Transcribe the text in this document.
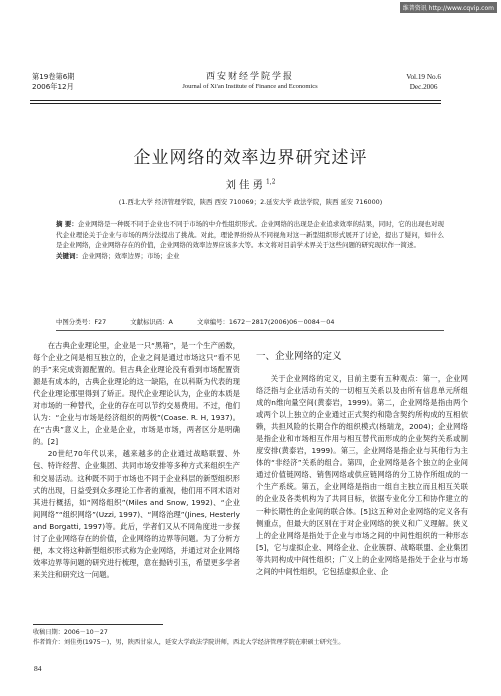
维普资讯 http://www.cqvip.com
第19卷第6期
2006年12月
西安财经学院学报
Journal of Xi'an Institute of Finance and Economics
Vol.19 No.6
Dec.2006
企业网络的效率边界研究述评
刘佳勇$^{1,2}$
(1.西北大学 经济管理学院，陕西 西安 710069；2.延安大学 政法学院，陕西 延安 716000)
摘 要：企业网络是一种既不同于企业也不同于市场的中介性组织形式。企业网络的出现是企业追求效率的结果，同时，它的出现也对现代企业理论关于企业与市场的两分法提出了挑战。对此，理论界纷纷从不同视角对这一新型组织形式展开了讨论，提出了疑问，如什么是企业网络，企业网络存在的价值，企业网络的效率边界应该多大等。本文将对目前学术界关于这些问题的研究现状作一简述。
关键词：企业网络；效率边界；市场；企业
中图分类号：F27	文献标识码：A	文章编号：1672－2817(2006)06－0084－04

在古典企业理论里，企业是一只“黑箱”，是一个生产函数，每个企业之间是相互独立的，企业之间是通过市场这只“看不见的手”来完成资源配置的。但古典企业理论没有看到市场配置资源是有成本的，古典企业理论的这一缺陷，在以科斯为代表的现代企业理论那里得到了矫正。现代企业理论认为，企业的本质是对市场的一种替代，企业的存在可以节约交易费用。不过，他们认为：“企业与市场是经济组织的两极”(Coase. R. H, 1937)。在“古典”意义上，企业是企业，市场是市场，两者区分是明确的。[2]

20世纪70年代以来，越来越多的企业通过战略联盟、外包、特许经营、企业集团、共同市场安排等多种方式来组织生产和交易活动。这种既不同于市场也不同于企业科层的新型组织形式的出现，日益受到众多理论工作者的重视，他们用不同术语对其进行概括，如“网络组织”(Miles and Snow, 1992)、“企业间网络”“组织网络”(Uzzi, 1997)、“网络治理”(Jines, Hesterly and Borgatti, 1997)等。此后，学者们又从不同角度进一步探讨了企业网络存在的价值，企业网络的边界等问题。为了分析方便，本文将这种新型组织形式称为企业网络，并通过对企业网络效率边界等问题的研究进行梳理，意在抛砖引玉，希望更多学者来关注和研究这一问题。

一、企业网络的定义

关于企业网络的定义，目前主要有五种观点：第一，企业网络泛指与企业活动有关的一切相互关系以及由所有信息单元所组成的n维向量空间(黄泰岩，1999)。第二，企业网络是指由两个或两个以上独立的企业通过正式契约和隐含契约所构成的互相依赖，共担风险的长期合作的组织模式(杨瑞龙，2004)；企业网络是指企业和市场相互作用与相互替代而形成的企业契约关系或制度安排(黄泰岩，1999)。第三，企业网络是指企业与其他行为主体的“非经济”关系的组合。第四，企业网络是各个独立的企业间通过价值链网络、销售网络或供应链网络的分工协作所组成的一个生产系统。第五，企业网络是指由一组自主独立而且相互关联的企业及各类机构为了共同目标，依据专业化分工和协作建立的一种长期性的企业间的联合体。[5]这五种对企业网络的定义各有侧重点，但最大的区别在于对企业网络的狭义和广义理解。狭义上的企业网络是指处于企业与市场之间的中间性组织的一种形态[5]，它与虚拟企业、网络企业、企业簇群、战略联盟、企业集团等共同构成中间性组织；广义上的企业网络是指处于企业与市场之间的中间性组织，它包括虚拟企业、企

收稿日期：2006－10－27
作者简介：刘佳勇(1975－)，男，陕西甘泉人，延安大学政法学院讲师，西北大学经济管理学院在职硕士研究生。
84
